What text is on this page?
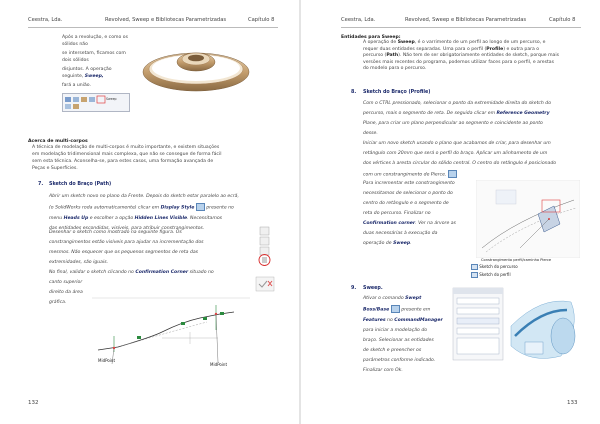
Ceestra, Lda.	Revolved, Sweep e Bibliotecas Parametrizadas	Capítulo 8
Após a revolução, e como os sólidos não
se intersetam, ficamos com dois sólidos
disjuntos. A operação seguinte, Sweep,
fará a união.
Sweep
Acerca de multi-corpos
A técnica de modelação de multi-corpos é muito importante, e existem situações
em modelação tridimensional mais complexa, que não se consegue de forma fácil
sem esta técnica. Aconselha-se, para estes casos, uma formação avançada de
Peças e Superfícies.
7. Sketch do Braço (Path)
Abrir um sketch novo no plano da Frente. Depois do sketch estar paralelo ao ecrã,
(o SolidWorks roda automaticamente) clicar em Display Style	presente no
menu Heads Up e escolher a opção Hidden Lines Visible. Necessitamos
das entidades escondidas, visíveis, para atribuir constrangimentos.
Desenhar o sketch como mostrado na seguinte figura. Os
constrangimentos estão visíveis para ajudar na incrementação dos
mesmos. Não esquecer que os pequenos segmentos de reta das
extremidades, são iguais.
No final, validar o sketch clicando no Confirmation Corner situado no
canto superior
direito da área
gráfica.
MidPoint
MidPoint
132
Ceestra, Lda.	Revolved, Sweep e Bibliotecas Parametrizadas	Capítulo 8
Entidades para Sweep:
A operação de Sweep, é o varrimento de um perfil ao longo de um percurso, e
requer duas entidades separadas. Uma para o perfil (Profile) e outra para o
percurso (Path). Não tem de ser obrigatoriamente entidades de sketch, porque mais
versões mais recentes do programa, podemos utilizar faces para o perfil, e arestas
do modelo para o percurso.
8. Sketch do Braço (Profile)
Com o CTRL pressionado, selecionar o ponto da extremidade direita do sketch do
percurso, mais o segmento de reta. De seguida clicar em Reference Geometry
Plane, para criar um plano perpendicular ao segmento e coincidente ao ponto
desse.
Iniciar um novo sketch usando o plano que acabamos de criar, para desenhar um
retângulo com 20mm que será o perfil do braço. Aplicar um alinhamento de um
dos vértices à aresta circular do sólido central. O centro do retângulo é posicionado
com um constrangimento de Pierce.
Para incrementar este constrangimento
necessitamos de selecionar o ponto do
centro do retângulo e o segmento de
reta do percurso. Finalizar no
Confirmation corner. Ver na árvore as
duas necessárias à execução da
operação de Sweep.
Constrangimento perfil/caminho Pierce
Sketch do percurso
Sketch do perfil
9. Sweep.
Ativar o comando Swept
Boss/Base	presente em
Features no CommandManager
para iniciar a modelação do
braço. Selecionar as entidades
de sketch e preencher os
parâmetros conforme indicado.
Finalizar com Ok.
133
